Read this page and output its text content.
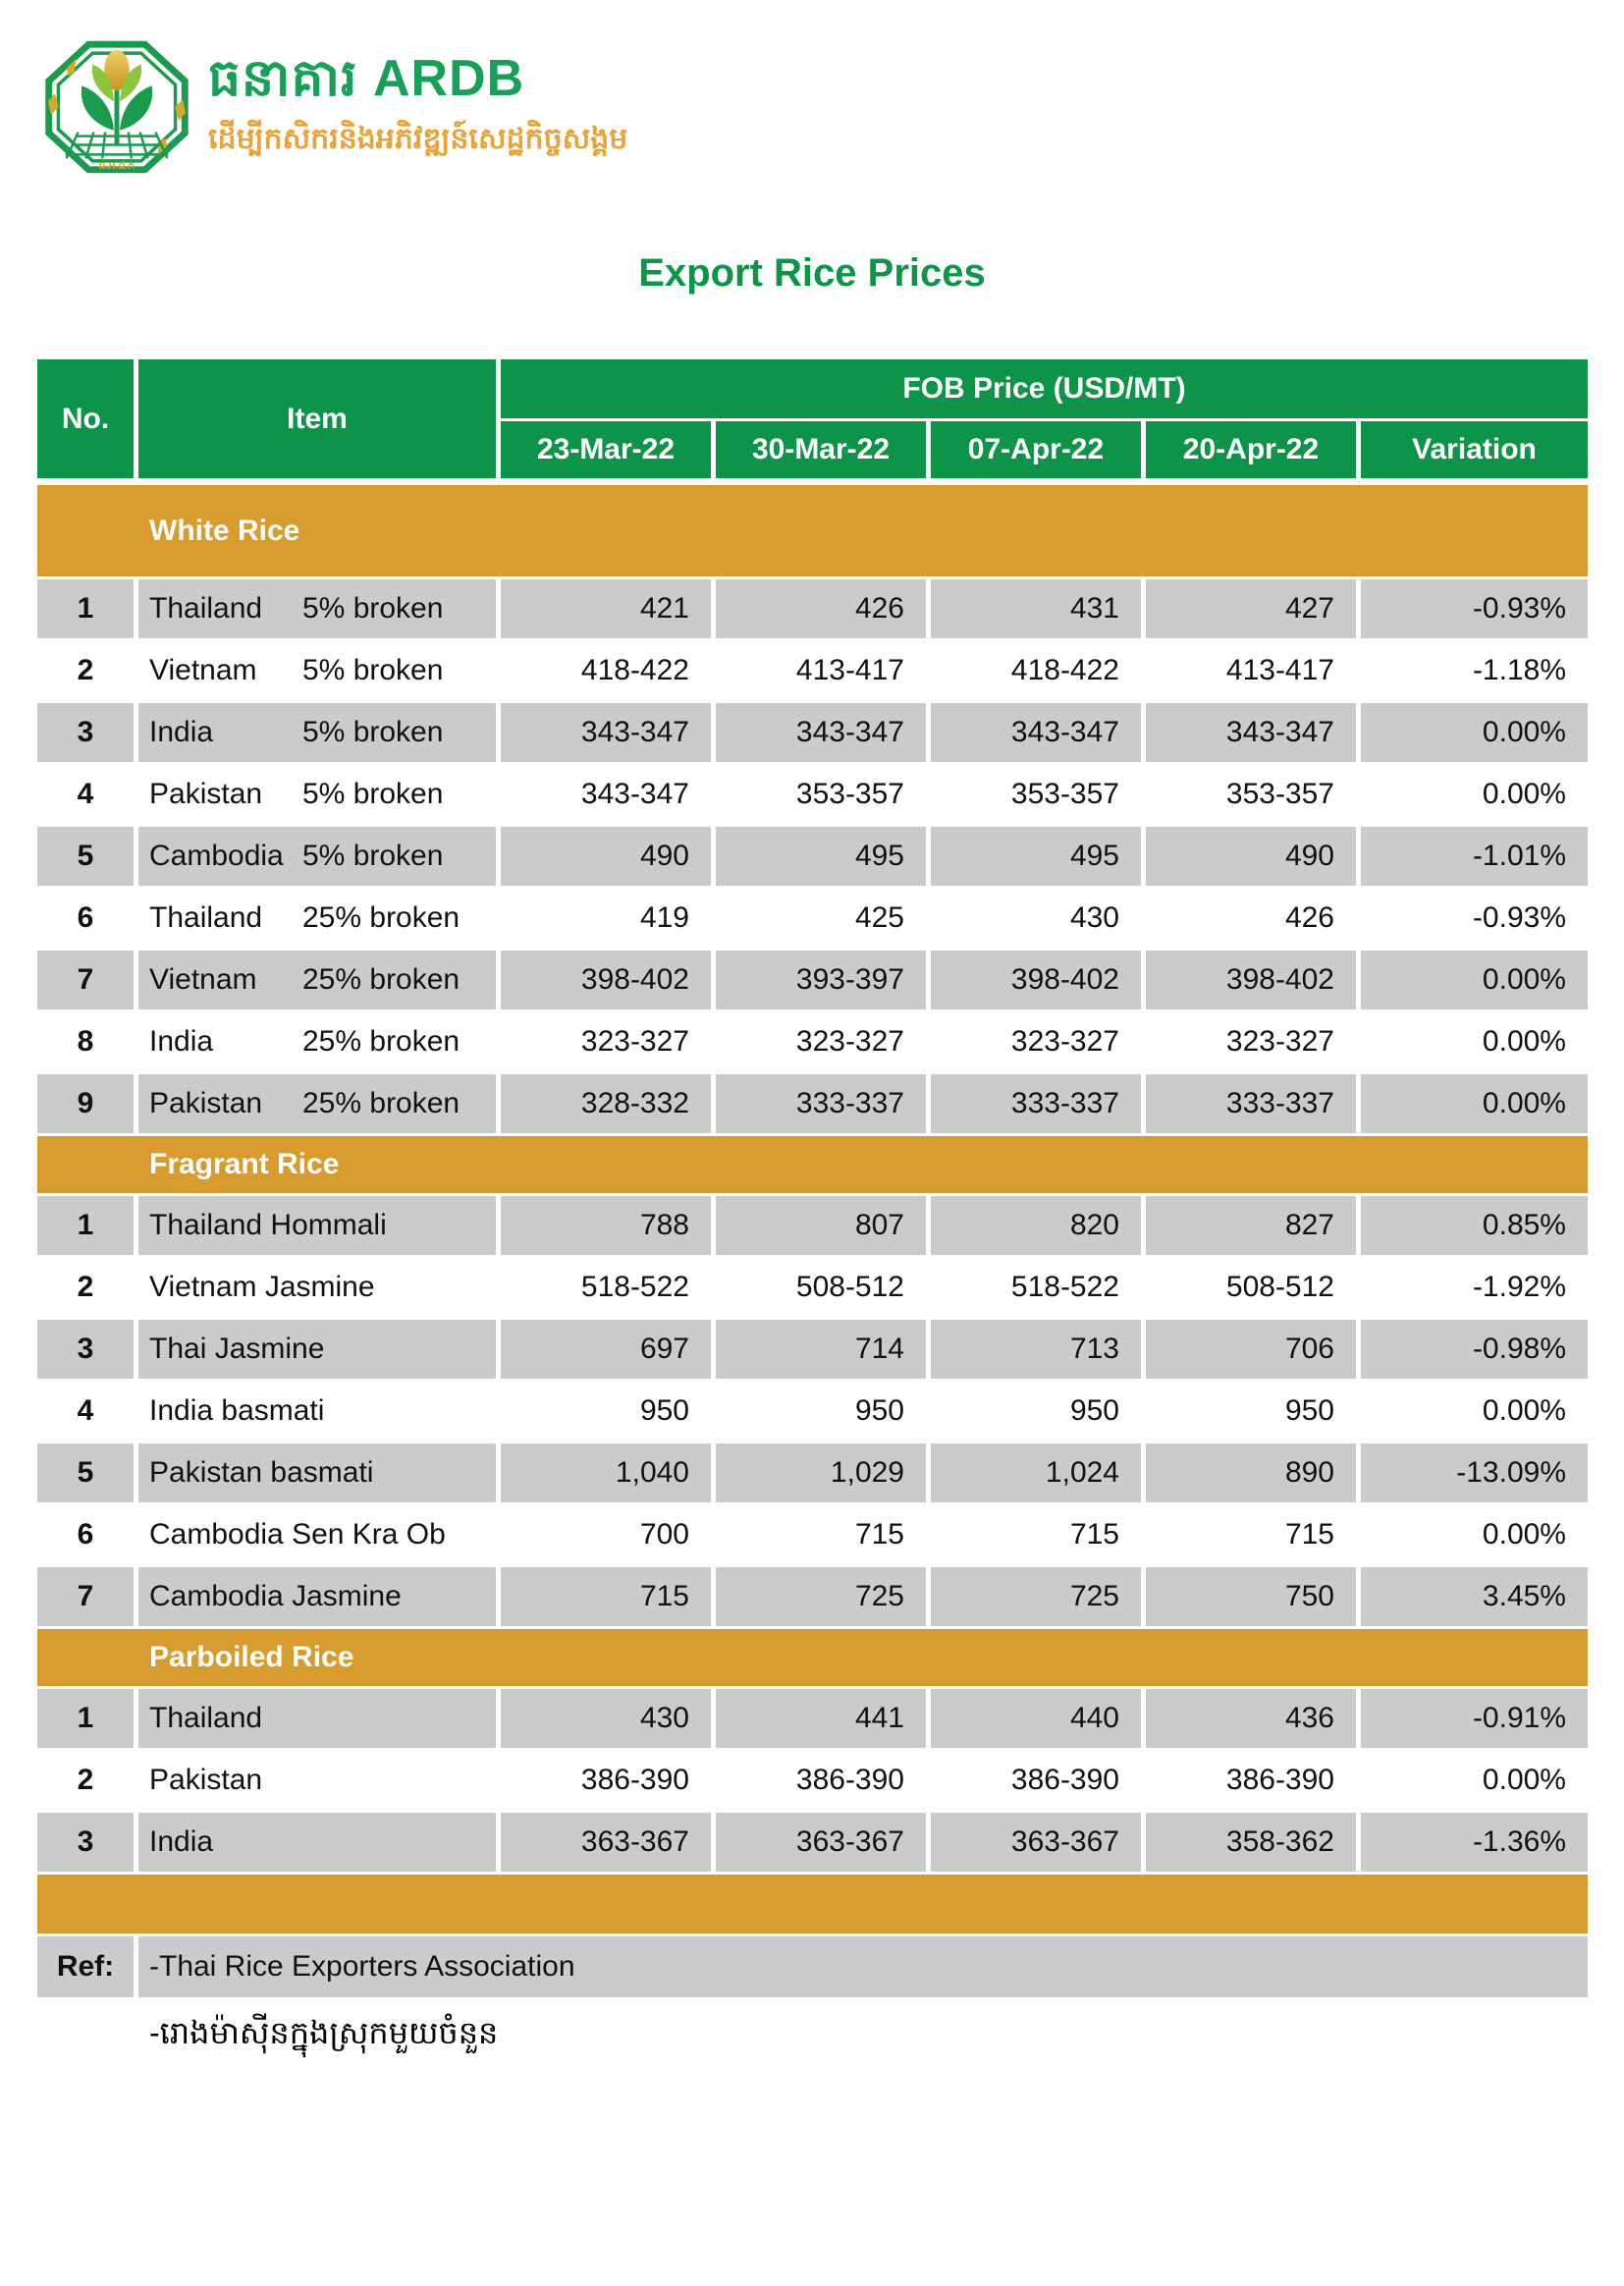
ធ.អ.ជ.ក
ធនាគារ ARDB
ដើម្បីកសិករនិងអភិវឌ្ឍន៍សេដ្ឋកិច្ចសង្គម
Export Rice Prices
No.	Item
FOB Price (USD/MT)
23-Mar-22	30-Mar-22	07-Apr-22	20-Apr-22	Variation
White Rice
1	Thailand	5% broken	421	426	431	427	-0.93%
2	Vietnam	5% broken	418-422	413-417	418-422	413-417	-1.18%
3	India	5% broken	343-347	343-347	343-347	343-347	0.00%
4	Pakistan	5% broken	343-347	353-357	353-357	353-357	0.00%
5	Cambodia 5% broken	490	495	495	490	-1.01%
6	Thailand	25% broken	419	425	430	426	-0.93%
7	Vietnam	25% broken	398-402	393-397	398-402	398-402	0.00%
8	India	25% broken	323-327	323-327	323-327	323-327	0.00%
9	Pakistan	25% broken	328-332	333-337	333-337	333-337	0.00%
Fragrant Rice
1	Thailand Hommali	788	807	820	827	0.85%
2	Vietnam Jasmine	518-522	508-512	518-522	508-512	-1.92%
3	Thai Jasmine	697	714	713	706	-0.98%
4	India basmati	950	950	950	950	0.00%
5	Pakistan basmati	1,040	1,029	1,024	890	-13.09%
6	Cambodia Sen Kra Ob	700	715	715	715	0.00%
7	Cambodia Jasmine	715	725	725	750	3.45%
Parboiled Rice
1	Thailand	430	441	440	436	-0.91%
2	Pakistan	386-390	386-390	386-390	386-390	0.00%
3	India	363-367	363-367	363-367	358-362	-1.36%
Ref:	-Thai Rice Exporters Association
-រោងម៉ាស៊ីនក្នុងស្រុកមួយចំនួន
